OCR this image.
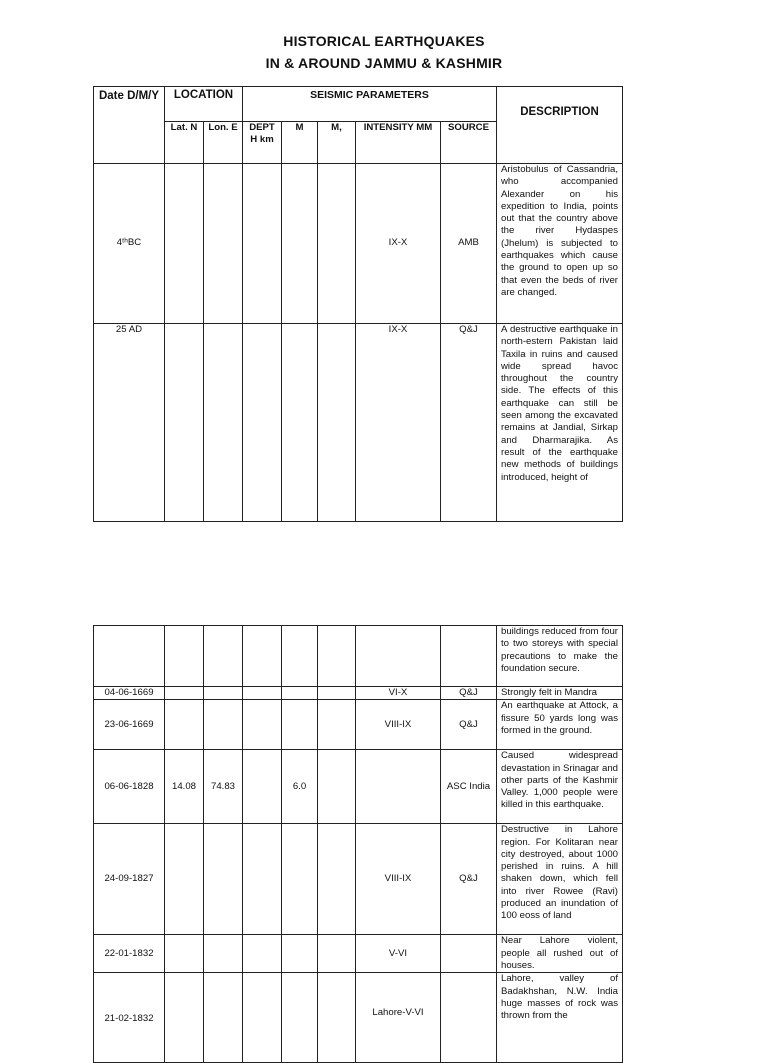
HISTORICAL EARTHQUAKES
IN & AROUND JAMMU & KASHMIR
Date D/M/Y	LOCATION		SEISMIC PARAMETERS					DESCRIPTION
	Lat. N	Lon. E	DEPT H km	M	M,	INTENSITY MM	SOURCE	
4ᵗʰBC						IX-X	AMB	Aristobulus of Cassandria, who accompanied Alexander on his expedition to India, points out that the country above the river Hydaspes (Jhelum) is subjected to earthquakes which cause the ground to open up so that even the beds of river are changed.
25 AD						IX-X	Q&J	A destructive earthquake in north-estern Pakistan laid Taxila in ruins and caused wide spread havoc throughout the country side. The effects of this earthquake can still be seen among the excavated remains at Jandial, Sirkap and Dharmarajika. As result of the earthquake new methods of buildings introduced, height of
								buildings reduced from four to two storeys with special precautions to make the foundation secure.
04-06-1669						VI-X	Q&J	Strongly felt in Mandra
23-06-1669						VIII-IX	Q&J	An earthquake at Attock, a fissure 50 yards long was formed in the ground.
06-06-1828	14.08	74.83		6.0			ASC India	Caused widespread devastation in Srinagar and other parts of the Kashmir Valley. 1,000 people were killed in this earthquake.
24-09-1827						VIII-IX	Q&J	Destructive in Lahore region. For Kolitaran near city destroyed, about 1000 perished in ruins. A hill shaken down, which fell into river Rowee (Ravi) produced an inundation of 100 eoss of land
22-01-1832						V-VI		Near Lahore violent, people all rushed out of houses.
21-02-1832						Lahore-V-VI		Lahore, valley of Badakhshan, N.W. India huge masses of rock was thrown from the
